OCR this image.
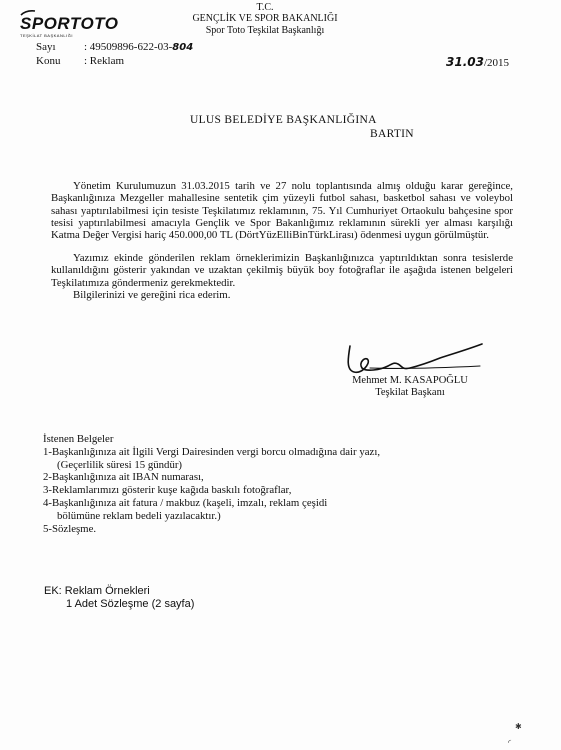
SPORTOTO
TEŞKİLAT BAŞKANLIĞI
T.C.
GENÇLİK VE SPOR BAKANLIĞI
Spor Toto Teşkilat Başkanlığı
Sayı	: 49509896-622-03-804
Konu : Reklam	31.03/2015
ULUS BELEDİYE BAŞKANLIĞINA
BARTIN

Yönetim Kurulumuzun 31.03.2015 tarih ve 27 nolu toplantısında almış olduğu karar gereğince, Başkanlığınıza Mezgeller mahallesine sentetik çim yüzeyli futbol sahası, basketbol sahası ve voleybol sahası yaptırılabilmesi için tesiste Teşkilatımız reklamının, 75. Yıl Cumhuriyet Ortaokulu bahçesine spor tesisi yaptırılabilmesi amacıyla Gençlik ve Spor Bakanlığımız reklamının sürekli yer alması karşılığı Katma Değer Vergisi hariç 450.000,00 TL (DörtYüzElliBinTürkLirası) ödenmesi uygun görülmüştür.

Yazımız ekinde gönderilen reklam örneklerimizin Başkanlığınızca yaptırıldıktan sonra tesislerde kullanıldığını gösterir yakından ve uzaktan çekilmiş büyük boy fotoğraflar ile aşağıda istenen belgeleri Teşkilatımıza göndermeniz gerekmektedir.

Bilgilerinizi ve gereğini rica ederim.

Mehmet M. KASAPOĞLU
Teşkilat Başkanı
İstenen Belgeler
1-Başkanlığınıza ait İlgili Vergi Dairesinden vergi borcu olmadığına dair yazı,
(Geçerlilik süresi 15 gündür)
2-Başkanlığınıza ait IBAN numarası,
3-Reklamlarımızı gösterir kuşe kağıda baskılı fotoğraflar,
4-Başkanlığınıza ait fatura / makbuz (kaşeli, imzalı, reklam çeşidi
bölümüne reklam bedeli yazılacaktır.)
5-Sözleşme.
EK: Reklam Örnekleri
1 Adet Sözleşme (2 sayfa)
✱
◜
